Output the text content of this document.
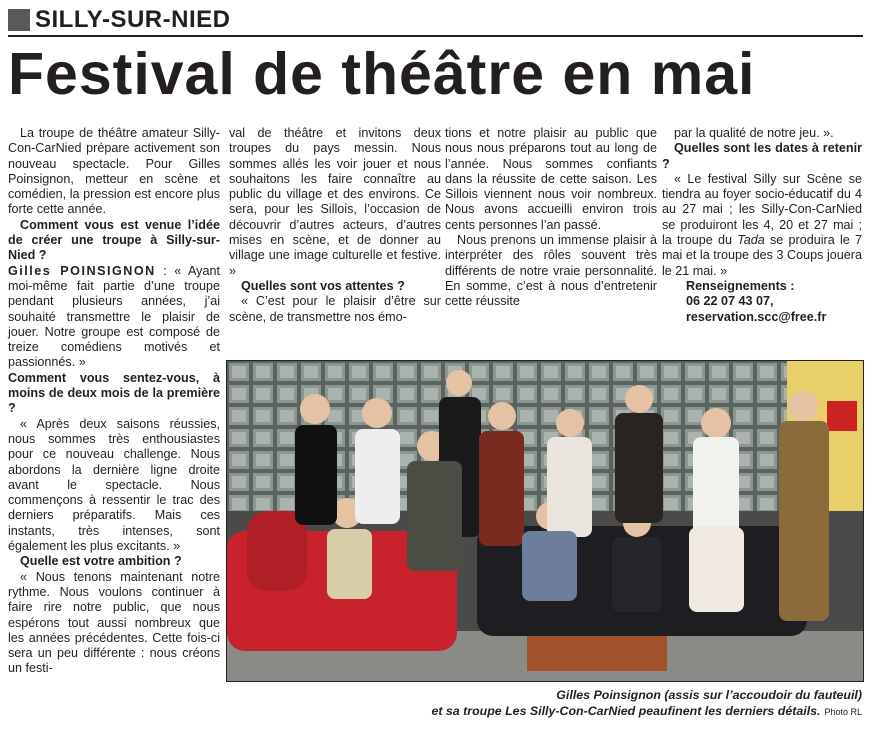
SILLY-SUR-NIED
Festival de théâtre en mai

La troupe de théâtre amateur Silly-Con-CarNied prépare activement son nouveau spectacle. Pour Gilles Poinsignon, metteur en scène et comédien, la pression est encore plus forte cette année.

Comment vous est venue l’idée de créer une troupe à Silly-sur-Nied ?

Gilles POINSIGNON : « Ayant moi-même fait partie d’une troupe pendant plusieurs années, j’ai souhaité transmettre le plaisir de jouer. Notre groupe est composé de treize comédiens motivés et passionnés. »

Comment vous sentez-vous, à moins de deux mois de la première ?

« Après deux saisons réussies, nous sommes très enthousiastes pour ce nouveau challenge. Nous abordons la dernière ligne droite avant le spectacle. Nous commençons à ressentir le trac des derniers préparatifs. Mais ces instants, très intenses, sont également les plus excitants. »

Quelle est votre ambition ?

« Nous tenons maintenant notre rythme. Nous voulons continuer à faire rire notre public, que nous espérons tout aussi nombreux que les années précédentes. Cette fois-ci sera un peu différente : nous créons un festi-

val de théâtre et invitons deux troupes du pays messin. Nous sommes allés les voir jouer et nous souhaitons les faire connaître au public du village et des environs. Ce sera, pour les Sillois, l’occasion de découvrir d’autres acteurs, d’autres mises en scène, et de donner au village une image culturelle et festive. »

Quelles sont vos attentes ?

« C’est pour le plaisir d’être sur scène, de transmettre nos émo-

tions et notre plaisir au public que nous nous préparons tout au long de l’année. Nous sommes confiants dans la réussite de cette saison. Les Sillois viennent nous voir nombreux. Nous avons accueilli environ trois cents personnes l’an passé.

Nous prenons un immense plaisir à interpréter des rôles souvent très différents de notre vraie personnalité. En somme, c’est à nous d’entretenir cette réussite

par la qualité de notre jeu. ».

Quelles sont les dates à retenir ?

« Le festival Silly sur Scène se tiendra au foyer socio-éducatif du 4 au 27 mai ; les Silly-Con-CarNied se produiront les 4, 20 et 27 mai ; la troupe du Tada se produira le 7 mai et la troupe des 3 Coups jouera le 21 mai. »

Renseignements :

06 22 07 43 07,

reservation.scc@free.fr

Gilles Poinsignon (assis sur l’accoudoir du fauteuil)
et sa troupe Les Silly-Con-CarNied peaufinent les derniers détails. Photo RL
